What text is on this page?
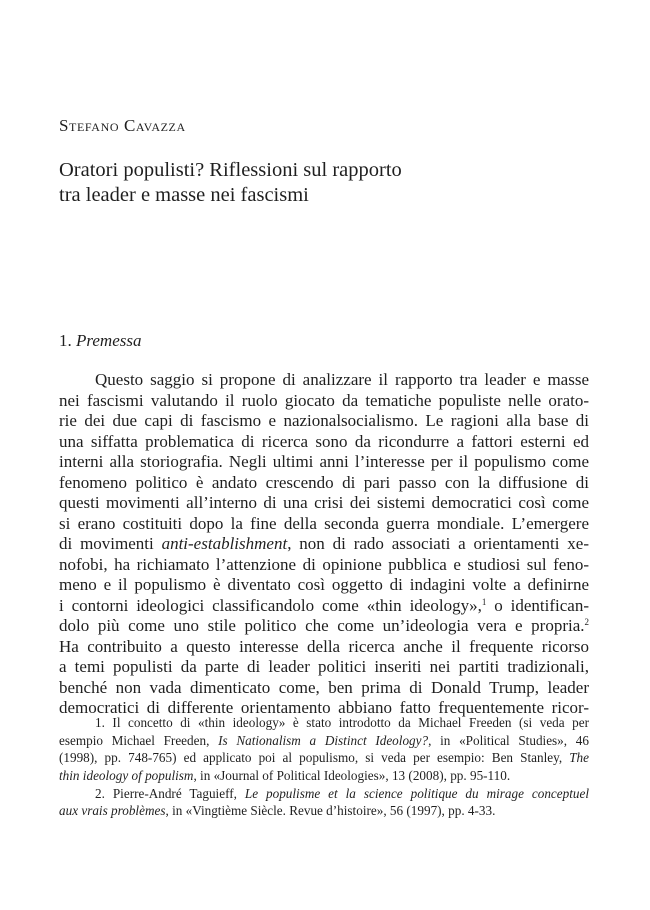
Stefano Cavazza
Oratori populisti? Riflessioni sul rapporto
tra leader e masse nei fascismi
1. Premessa
Questo saggio si propone di analizzare il rapporto tra leader e masse
nei fascismi valutando il ruolo giocato da tematiche populiste nelle orato-
rie dei due capi di fascismo e nazionalsocialismo. Le ragioni alla base di
una siffatta problematica di ricerca sono da ricondurre a fattori esterni ed
interni alla storiografia. Negli ultimi anni l’interesse per il populismo come
fenomeno politico è andato crescendo di pari passo con la diffusione di
questi movimenti all’interno di una crisi dei sistemi democratici così come
si erano costituiti dopo la fine della seconda guerra mondiale. L’emergere
di movimenti anti-establishment, non di rado associati a orientamenti xe-
nofobi, ha richiamato l’attenzione di opinione pubblica e studiosi sul feno-
meno e il populismo è diventato così oggetto di indagini volte a definirne
i contorni ideologici classificandolo come «thin ideology»,$^1$ o identifican-
dolo più come uno stile politico che come un’ideologia vera e propria.$^2$
Ha contribuito a questo interesse della ricerca anche il frequente ricorso
a temi populisti da parte di leader politici inseriti nei partiti tradizionali,
benché non vada dimenticato come, ben prima di Donald Trump, leader
democratici di differente orientamento abbiano fatto frequentemente ricor-
1. Il concetto di «thin ideology» è stato introdotto da Michael Freeden (si veda per
esempio Michael Freeden, Is Nationalism a Distinct Ideology?, in «Political Studies», 46
(1998), pp. 748-765) ed applicato poi al populismo, si veda per esempio: Ben Stanley, The
thin ideology of populism, in «Journal of Political Ideologies», 13 (2008), pp. 95-110.
2. Pierre-André Taguieff, Le populisme et la science politique du mirage conceptuel
aux vrais problèmes, in «Vingtième Siècle. Revue d’histoire», 56 (1997), pp. 4-33.
